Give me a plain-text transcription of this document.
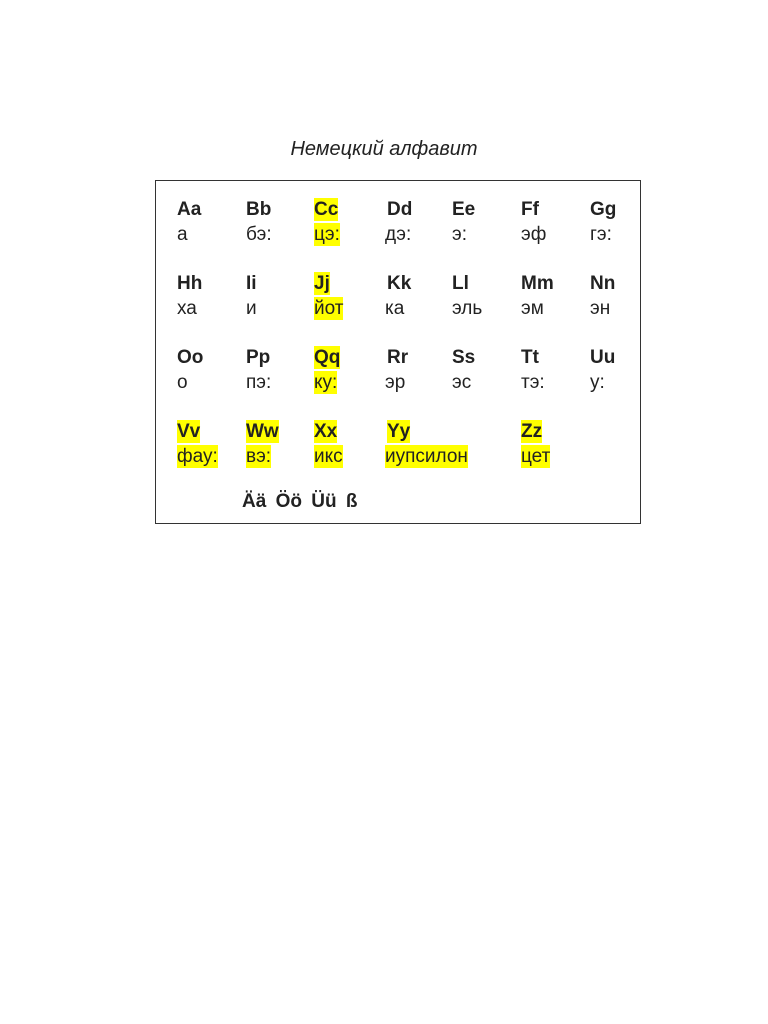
Немецкий алфавит
Ää Öö Üü ß
Aa
а
Bb
бэ:
Cc
цэ:
Dd
дэ:
Ee
э:
Ff
эф
Gg
гэ:
Hh
ха
Ii
и
Jj
йот
Kk
ка
Ll
эль
Mm
эм
Nn
эн
Oo
о
Pp
пэ:
Qq
ку:
Rr
эр
Ss
эс
Tt
тэ:
Uu
у:
Vv
фау:
Ww
вэ:
Xx
икс
Yy
иупсилон
Zz
цет
